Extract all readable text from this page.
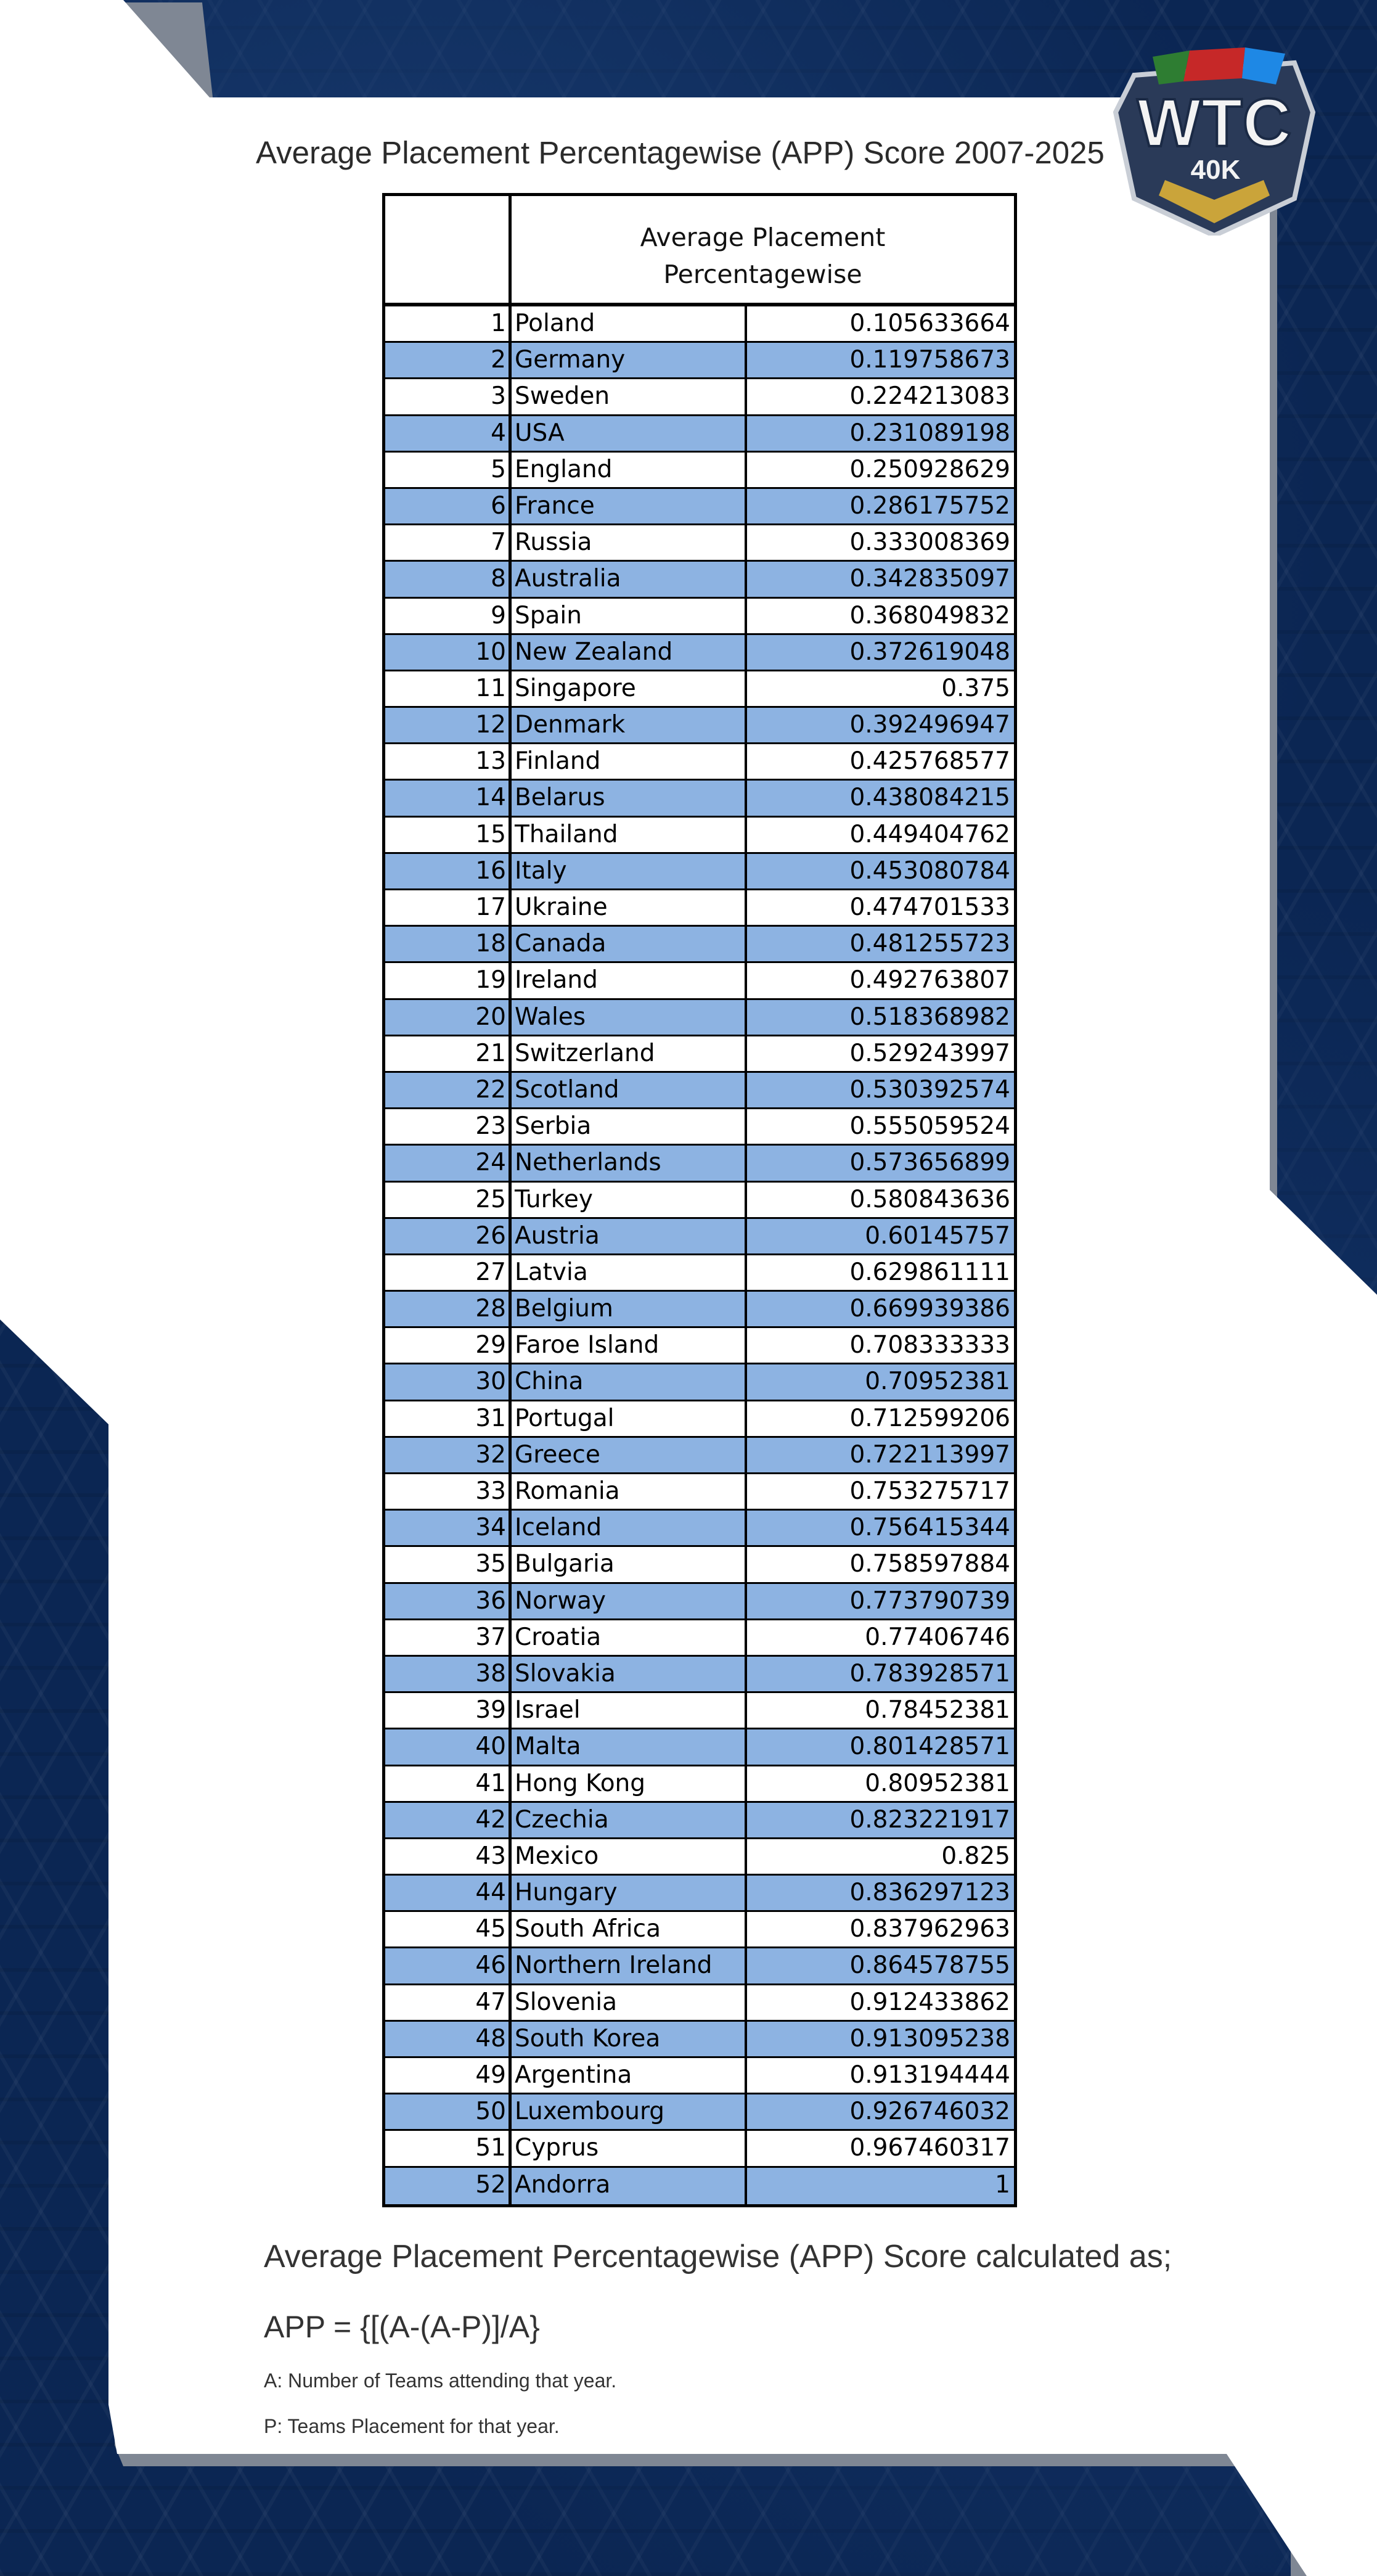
Average Placement Percentagewise (APP) Score 2007-2025 WTC
40K
Average Placement
Percentagewise
1 Poland	0.105633664
2 Germany	0.119758673
3 Sweden	0.224213083
4 USA	0.231089198
5 England	0.250928629
6 France	0.286175752
7 Russia	0.333008369
8 Australia	0.342835097
9 Spain	0.368049832
10 New Zealand	0.372619048
11 Singapore	0.375
12 Denmark	0.392496947
13 Finland	0.425768577
14 Belarus	0.438084215
15 Thailand	0.449404762
16 Italy	0.453080784
17 Ukraine	0.474701533
18 Canada	0.481255723
19 Ireland	0.492763807
20 Wales	0.518368982
21 Switzerland	0.529243997
22 Scotland	0.530392574
23 Serbia	0.555059524
24 Netherlands	0.573656899
25 Turkey	0.580843636
26 Austria	0.60145757
27 Latvia	0.629861111
28 Belgium	0.669939386
29 Faroe Island	0.708333333
30 China	0.70952381
31 Portugal	0.712599206
32 Greece	0.722113997
33 Romania	0.753275717
34 Iceland	0.756415344
35 Bulgaria	0.758597884
36 Norway	0.773790739
37 Croatia	0.77406746
38 Slovakia	0.783928571
39 Israel	0.78452381
40 Malta	0.801428571
41 Hong Kong	0.80952381
42 Czechia	0.823221917
43 Mexico	0.825
44 Hungary	0.836297123
45 South Africa	0.837962963
46 Northern Ireland	0.864578755
47 Slovenia	0.912433862
48 South Korea	0.913095238
49 Argentina	0.913194444
50 Luxembourg	0.926746032
51 Cyprus	0.967460317
52 Andorra	1
Average Placement Percentagewise (APP) Score calculated as;
APP = {[(A-(A-P)]/A}
A: Number of Teams attending that year.
P: Teams Placement for that year.
